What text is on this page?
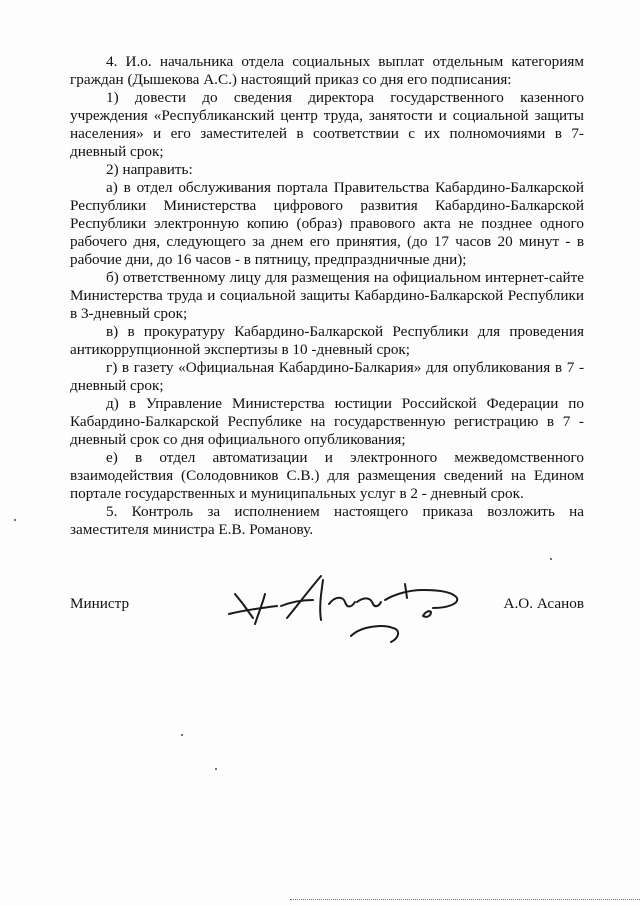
4. И.о. начальника отдела социальных выплат отдельным категориям граждан (Дышекова А.С.) настоящий приказ со дня его подписания:

1) довести до сведения директора государственного казенного учреждения «Республиканский центр труда, занятости и социальной защиты населения» и его заместителей в соответствии с их полномочиями в 7-дневный срок;

2) направить:

а) в отдел обслуживания портала Правительства Кабардино-Балкарской Республики Министерства цифрового развития Кабардино-Балкарской Республики электронную копию (образ) правового акта не позднее одного рабочего дня, следующего за днем его принятия, (до 17 часов 20 минут - в рабочие дни, до 16 часов - в пятницу, предпраздничные дни);

б) ответственному лицу для размещения на официальном интернет-сайте Министерства труда и социальной защиты Кабардино-Балкарской Республики в 3-дневный срок;

в) в прокуратуру Кабардино-Балкарской Республики для проведения антикоррупционной экспертизы в 10 -дневный срок;

г) в газету «Официальная Кабардино-Балкария» для опубликования в 7 - дневный срок;

д) в Управление Министерства юстиции Российской Федерации по Кабардино-Балкарской Республике на государственную регистрацию в 7 - дневный срок со дня официального опубликования;

е) в отдел автоматизации и электронного межведомственного взаимодействия (Солодовников С.В.) для размещения сведений на Едином портале государственных и муниципальных услуг в 2 - дневный срок.

5. Контроль за исполнением настоящего приказа возложить на заместителя министра Е.В. Романову.

Министр	А.О. Асанов
